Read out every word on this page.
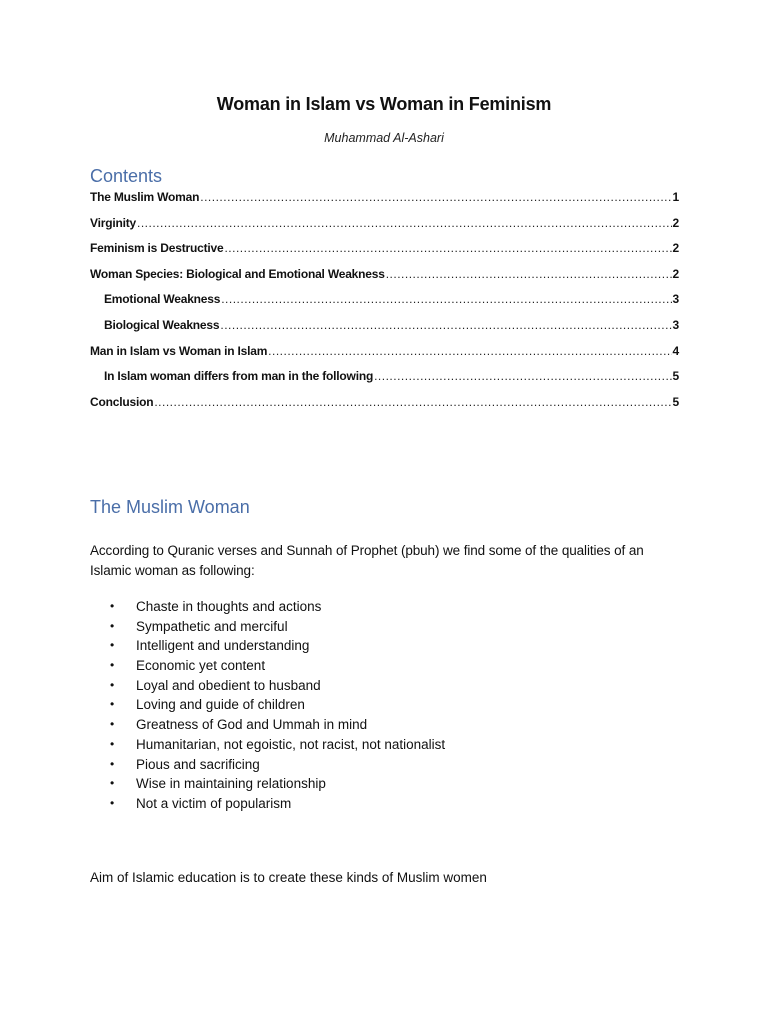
Woman in Islam vs Woman in Feminism
Muhammad Al-Ashari
Contents
The Muslim Woman .....	1
Virginity .....	2
Feminism is Destructive .....	2
Woman Species: Biological and Emotional Weakness .....	2
Emotional Weakness .....	3
Biological Weakness .....	3
Man in Islam vs Woman in Islam .....	4
In Islam woman differs from man in the following .....	5
Conclusion .....	5
The Muslim Woman
According to Quranic verses and Sunnah of Prophet (pbuh) we find some of the qualities of an Islamic woman as following:
•	Chaste in thoughts and actions
•	Sympathetic and merciful
•	Intelligent and understanding
•	Economic yet content
•	Loyal and obedient to husband
•	Loving and guide of children
•	Greatness of God and Ummah in mind
•	Humanitarian, not egoistic, not racist, not nationalist
•	Pious and sacrificing
•	Wise in maintaining relationship
•	Not a victim of popularism
Aim of Islamic education is to create these kinds of Muslim women
